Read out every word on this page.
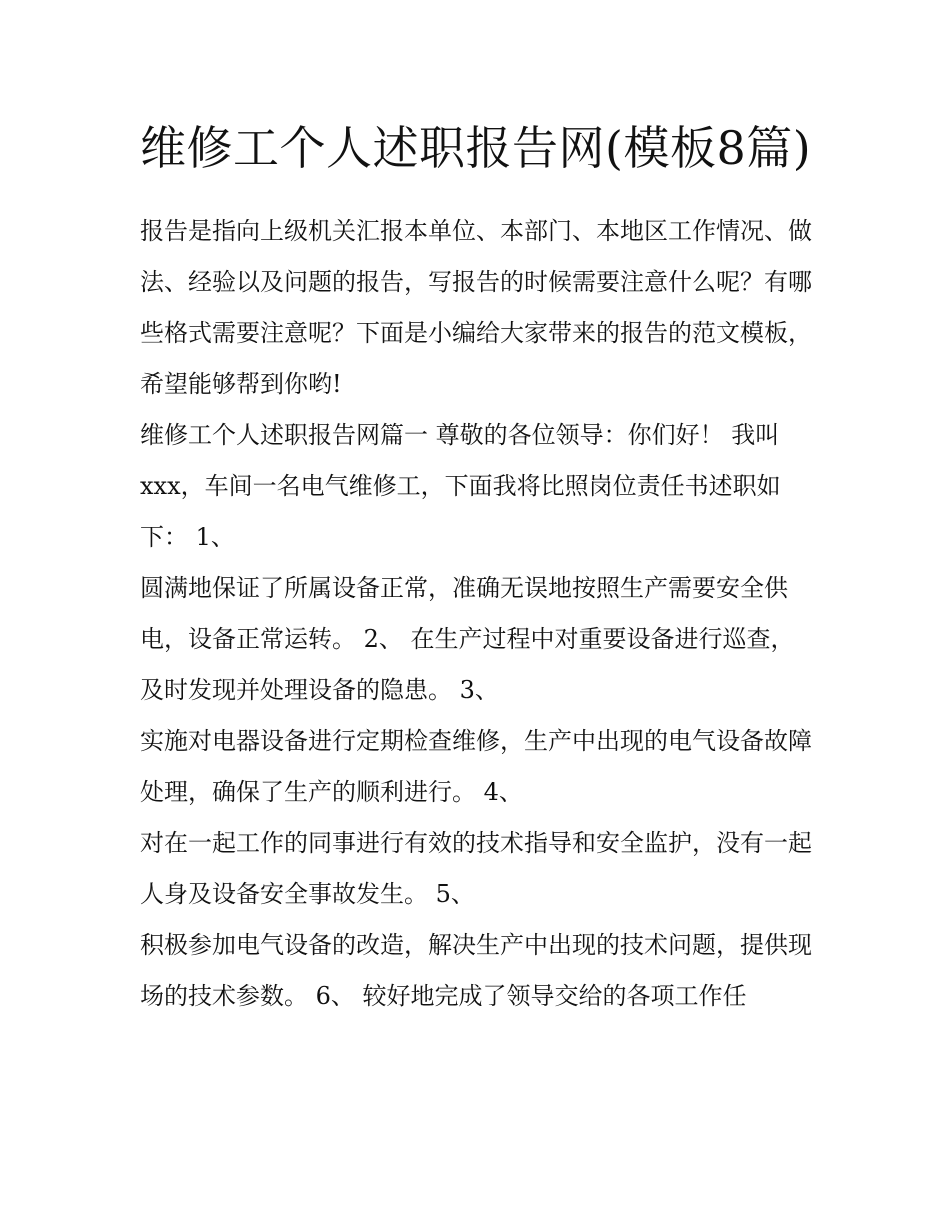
维修工个人述职报告网(模板8篇)

报告是指向上级机关汇报本单位、本部门、本地区工作情况、做法、经验以及问题的报告，写报告的时候需要注意什么呢？有哪些格式需要注意呢？下面是小编给大家带来的报告的范文模板，希望能够帮到你哟!

维修工个人述职报告网篇一 尊敬的各位领导：你们好！ 我叫xxx，车间一名电气维修工，下面我将比照岗位责任书述职如下： 1、

圆满地保证了所属设备正常，准确无误地按照生产需要安全供电，设备正常运转。 2、 在生产过程中对重要设备进行巡查，及时发现并处理设备的隐患。 3、

实施对电器设备进行定期检查维修，生产中出现的电气设备故障处理，确保了生产的顺利进行。 4、

对在一起工作的同事进行有效的技术指导和安全监护，没有一起人身及设备安全事故发生。 5、

积极参加电气设备的改造，解决生产中出现的技术问题，提供现场的技术参数。 6、 较好地完成了领导交给的各项工作任
